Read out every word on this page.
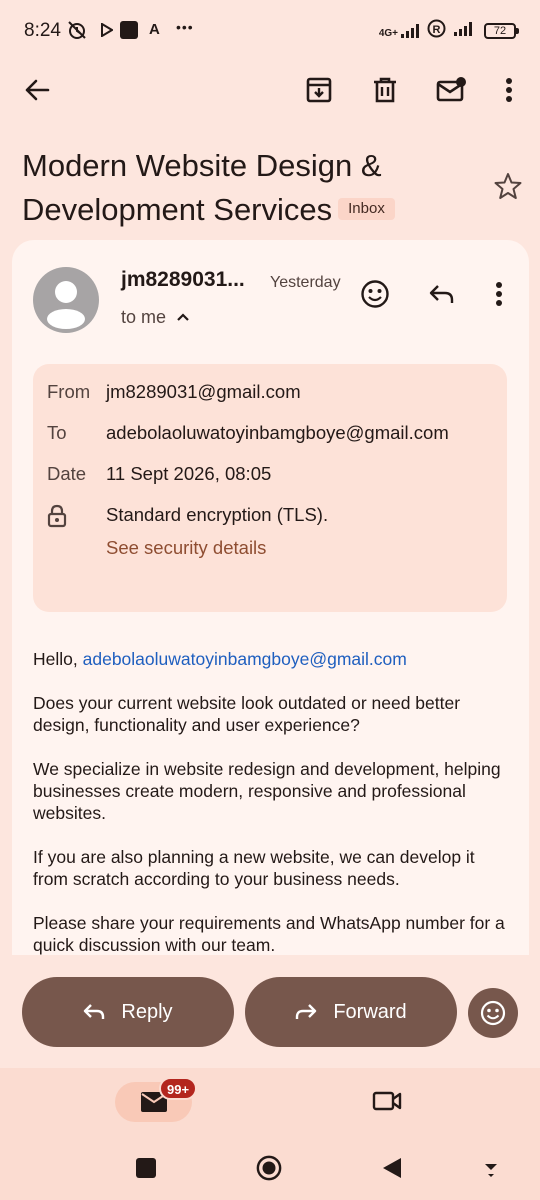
8:24	A •••	4G+	R	72
Modern Website Design & Development Services Inbox
jm8289031... Yesterday
to me
From jm8289031@gmail.com
To adebolaoluwatoyinbamgboye@gmail.com
Date 11 Sept 2026, 08:05
Standard encryption (TLS).
See security details

Hello, adebolaoluwatoyinbamgboye@gmail.com

Does your current website look outdated or need better design, functionality and user experience?

We specialize in website redesign and development, helping businesses create modern, responsive and professional websites.

If you are also planning a new website, we can develop it from scratch according to your business needs.

Please share your requirements and WhatsApp number for a quick discussion with our team.

Reply	Forward
99+
